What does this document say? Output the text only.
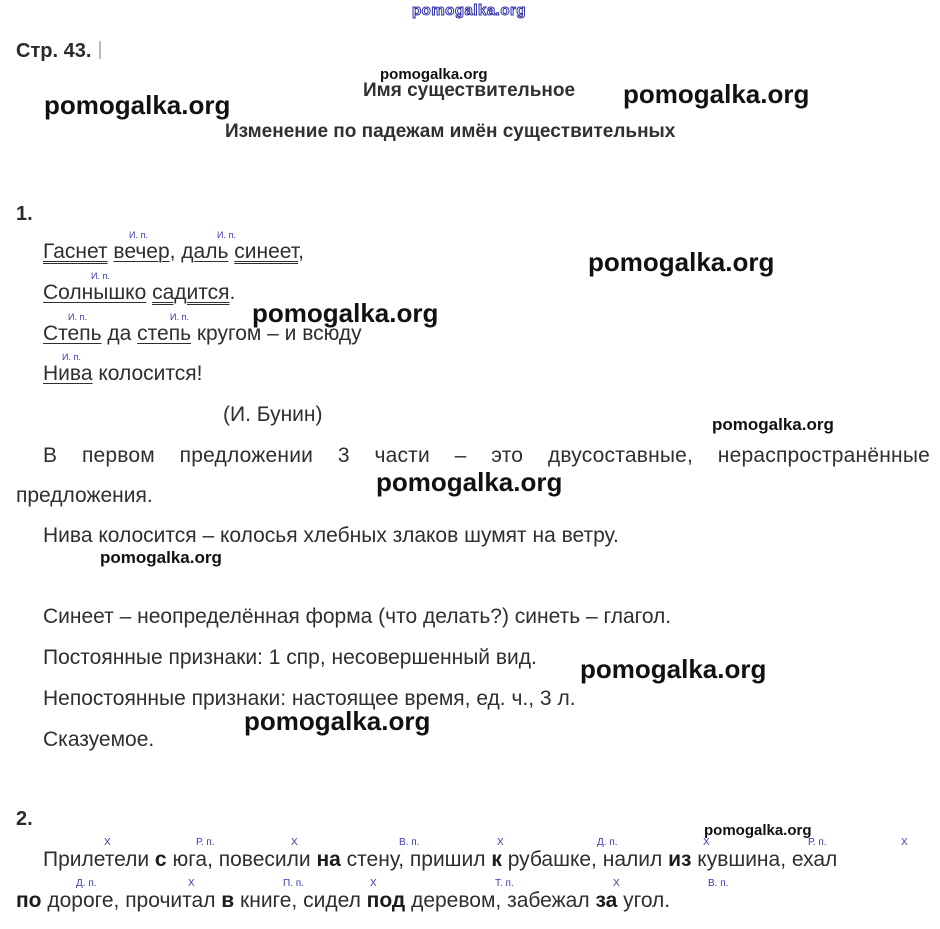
pomogalka.org
pomogalka.org
pomogalka.org
pomogalka.org
pomogalka.org
pomogalka.org
pomogalka.org
pomogalka.org
pomogalka.org
pomogalka.org
pomogalka.org
pomogalka.org
Стр. 43.
Имя существительное
Изменение по падежам имён существительных
1.
И. п.	И. п.
Гаснет вечер, даль синеет,
И. п.
Солнышко садится.
И. п.	И. п.
Степь да степь кругом – и всюду
И. п.
Нива колосится!
(И. Бунин)
В первом предложении 3 части – это двусоставные, нераспространённые
предложения.
Нива колосится – колосья хлебных злаков шумят на ветру.
Синеет – неопределённая форма (что делать?) синеть – глагол.
Постоянные признаки: 1 спр, несовершенный вид.
Непостоянные признаки: настоящее время, ед. ч., 3 л.
Сказуемое.
2.
Х	Р. п.	Х	В. п.	Х	Д. п.	Х	Р. п.	Х
Прилетели с юга, повесили на стену, пришил к рубашке, налил из кувшина, ехал
Д. п.	Х	П. п.	Х	Т. п.	Х	В. п.
по дороге, прочитал в книге, сидел под деревом, забежал за угол.
